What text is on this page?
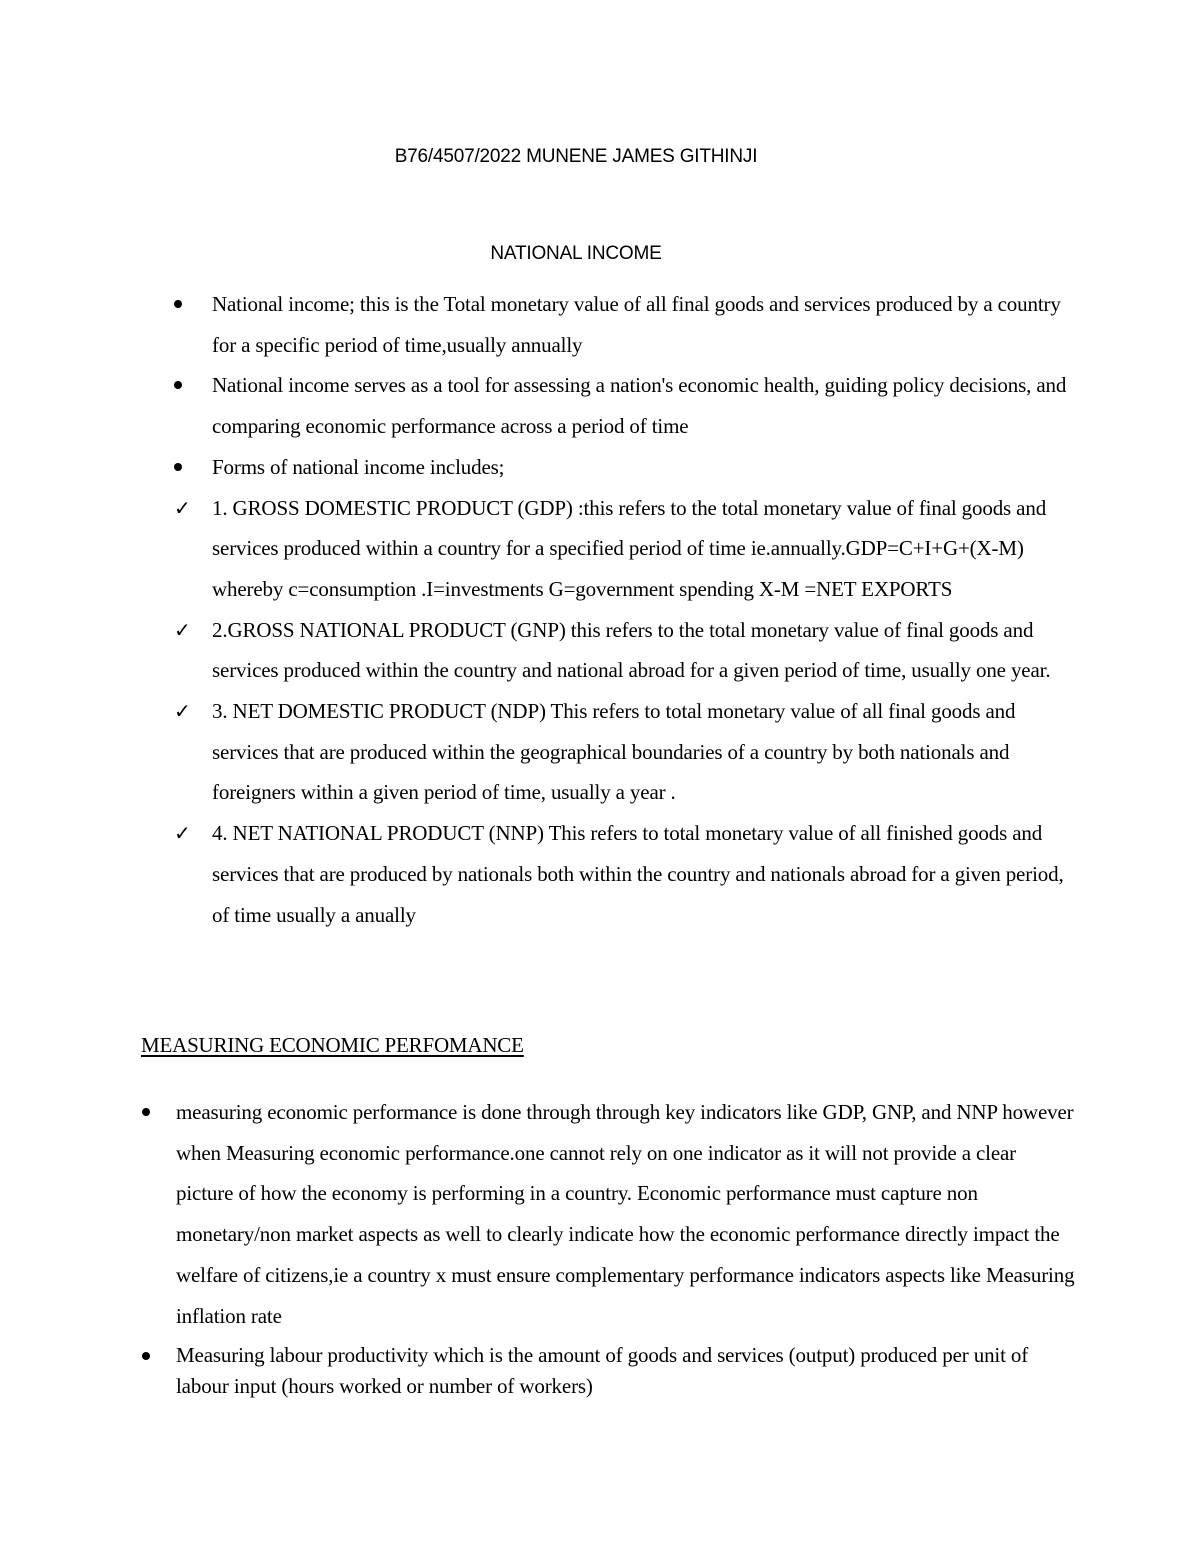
B76/4507/2022 MUNENE JAMES GITHINJI
NATIONAL INCOME
National income; this is the Total monetary value of all final goods and services produced by a country for a specific period of time,usually annually
National income serves as a tool for assessing a nation's economic health, guiding policy decisions, and comparing economic performance across a period of time
Forms of national income includes;
✓ 1. GROSS DOMESTIC PRODUCT (GDP) :this refers to the total monetary value of final goods and services produced within a country for a specified period of time ie.annually.GDP=C+I+G+(X-M) whereby c=consumption .I=investments G=government spending X-M =NET EXPORTS
✓ 2.GROSS NATIONAL PRODUCT (GNP) this refers to the total monetary value of final goods and services produced within the country and national abroad for a given period of time, usually one year.
✓ 3. NET DOMESTIC PRODUCT (NDP) This refers to total monetary value of all final goods and services that are produced within the geographical boundaries of a country by both nationals and foreigners within a given period of time, usually a year .
✓ 4. NET NATIONAL PRODUCT (NNP) This refers to total monetary value of all finished goods and services that are produced by nationals both within the country and nationals abroad for a given period, of time usually a anually
MEASURING ECONOMIC PERFOMANCE
measuring economic performance is done through through key indicators like GDP, GNP, and NNP however when Measuring economic performance.one cannot rely on one indicator as it will not provide a clear picture of how the economy is performing in a country. Economic performance must capture non monetary/non market aspects as well to clearly indicate how the economic performance directly impact the welfare of citizens,ie a country x must ensure complementary performance indicators aspects like Measuring inflation rate
Measuring labour productivity which is the amount of goods and services (output) produced per unit of labour input (hours worked or number of workers)
